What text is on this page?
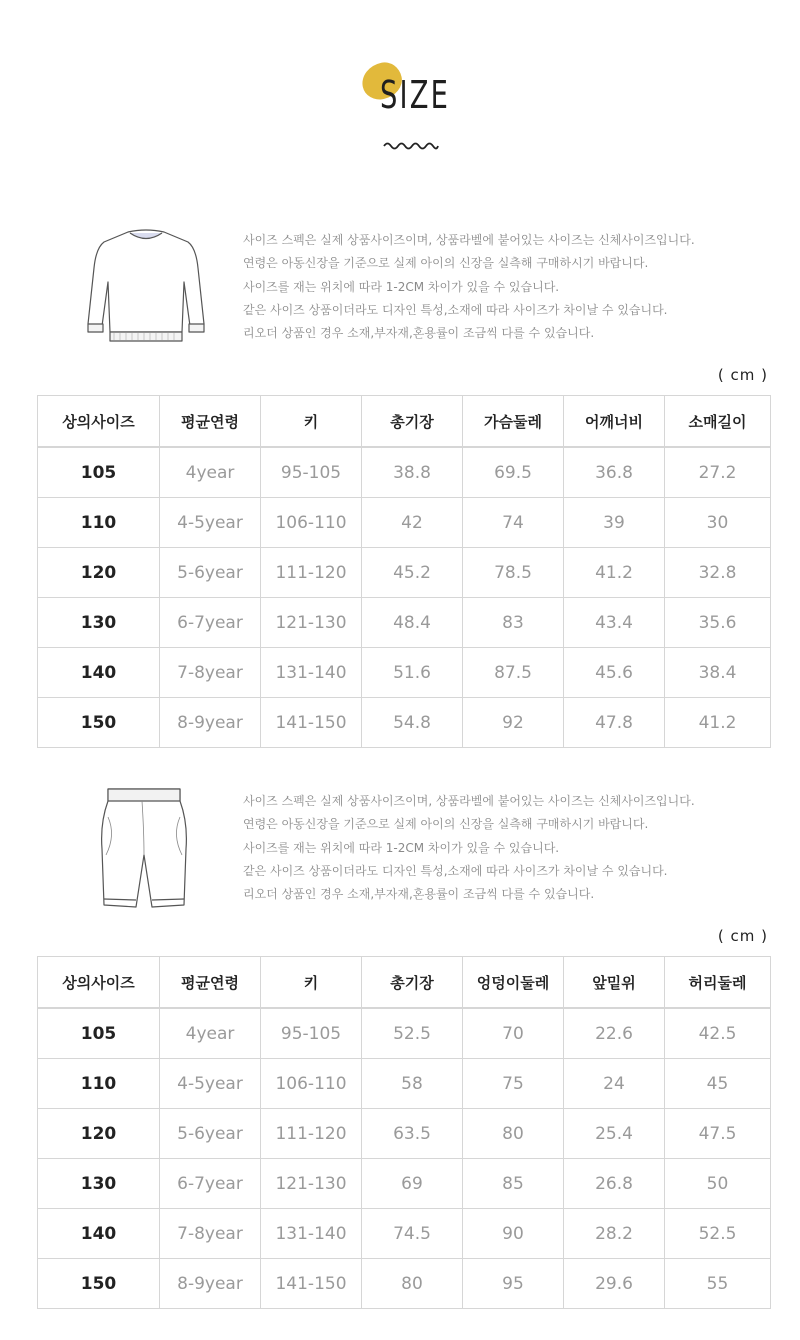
SIZE
사이즈 스펙은 실제 상품사이즈이며, 상품라벨에 붙어있는 사이즈는 신체사이즈입니다.
연령은 아동신장을 기준으로 실제 아이의 신장을 실측해 구매하시기 바랍니다.
사이즈를 재는 위치에 따라 1-2CM 차이가 있을 수 있습니다.
같은 사이즈 상품이더라도 디자인 특성,소재에 따라 사이즈가 차이날 수 있습니다.
리오더 상품인 경우 소재,부자재,혼용률이 조금씩 다를 수 있습니다.
( cm )
상의사이즈	평균연령	키	총기장	가슴둘레	어깨너비	소매길이
105	4year	95-105	38.8	69.5	36.8	27.2
110	4-5year	106-110	42	74	39	30
120	5-6year	111-120	45.2	78.5	41.2	32.8
130	6-7year	121-130	48.4	83	43.4	35.6
140	7-8year	131-140	51.6	87.5	45.6	38.4
150	8-9year	141-150	54.8	92	47.8	41.2
사이즈 스펙은 실제 상품사이즈이며, 상품라벨에 붙어있는 사이즈는 신체사이즈입니다.
연령은 아동신장을 기준으로 실제 아이의 신장을 실측해 구매하시기 바랍니다.
사이즈를 재는 위치에 따라 1-2CM 차이가 있을 수 있습니다.
같은 사이즈 상품이더라도 디자인 특성,소재에 따라 사이즈가 차이날 수 있습니다.
리오더 상품인 경우 소재,부자재,혼용률이 조금씩 다를 수 있습니다.
( cm )
상의사이즈	평균연령	키	총기장	엉덩이둘레	앞밑위	허리둘레
105	4year	95-105	52.5	70	22.6	42.5
110	4-5year	106-110	58	75	24	45
120	5-6year	111-120	63.5	80	25.4	47.5
130	6-7year	121-130	69	85	26.8	50
140	7-8year	131-140	74.5	90	28.2	52.5
150	8-9year	141-150	80	95	29.6	55
